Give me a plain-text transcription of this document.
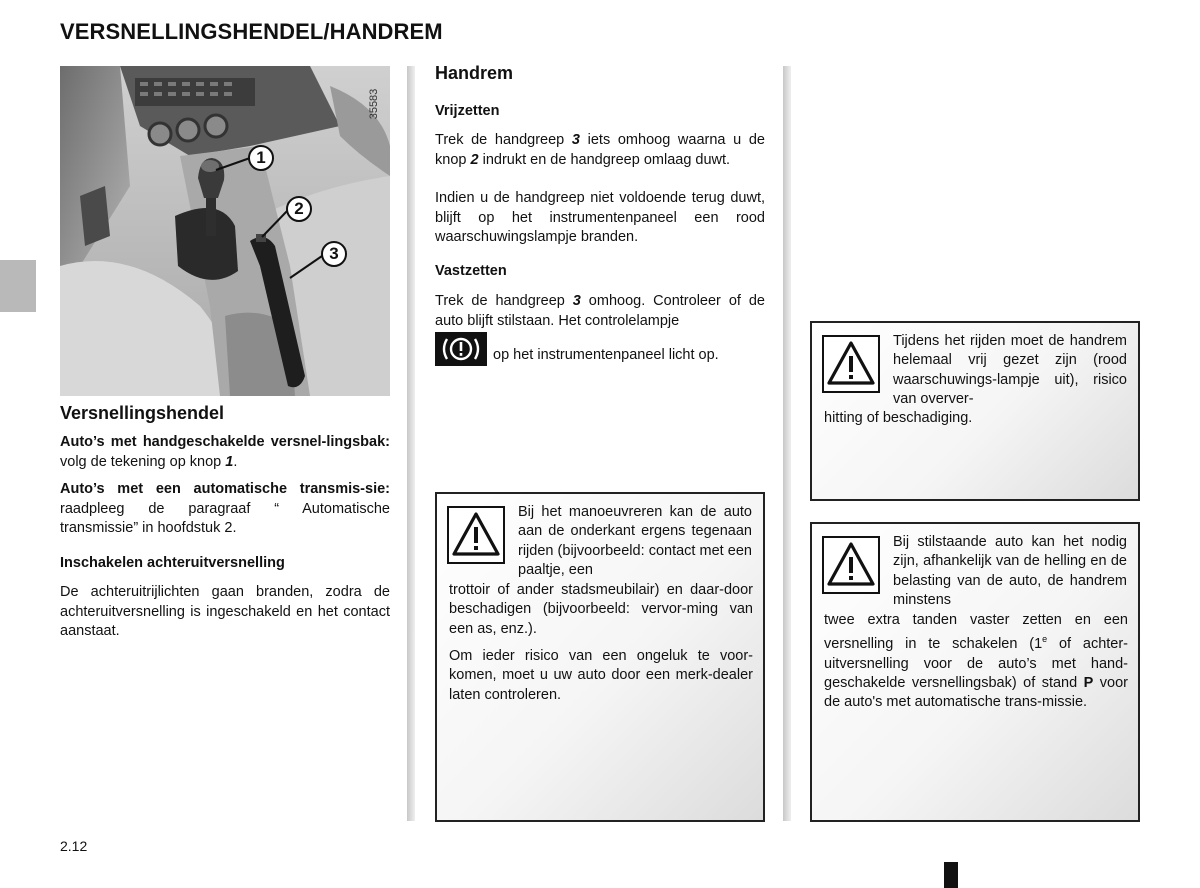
VERSNELLINGSHENDEL/HANDREM
35583
1
2
3
Versnellingshendel
Auto’s met handgeschakelde versnel-lingsbak: volg de tekening op knop 1.
Auto’s met een automatische transmis-sie: raadpleeg de paragraaf “ Automatische transmissie” in hoofdstuk 2.
Inschakelen achteruitversnelling
De achteruitrijlichten gaan branden, zodra de achteruitversnelling is ingeschakeld en het contact aanstaat.
Handrem
Vrijzetten
Trek de handgreep 3 iets omhoog waarna u de knop 2 indrukt en de handgreep omlaag duwt.
Indien u de handgreep niet voldoende terug duwt, blijft op het instrumentenpaneel een rood waarschuwingslampje branden.
Vastzetten
Trek de handgreep 3 omhoog. Controleer of de auto blijft stilstaan. Het controlelampje
op het instrumentenpaneel licht op.
Bij het manoeuvreren kan de auto aan de onderkant ergens tegenaan rijden (bijvoorbeeld: contact met een paaltje, een
trottoir of ander stadsmeubilair) en daar-door beschadigen (bijvoorbeeld: vervor-ming van een as, enz.).
Om ieder risico van een ongeluk te voor-komen, moet u uw auto door een merk-dealer laten controleren.
Tijdens het rijden moet de handrem helemaal vrij gezet zijn (rood waarschuwings-lampje uit), risico van overver-
hitting of beschadiging.
Bij stilstaande auto kan het nodig zijn, afhankelijk van de helling en de belasting van de auto, de handrem minstens
twee extra tanden vaster zetten en een versnelling in te schakelen (1e of achter-uitversnelling voor de auto’s met hand-geschakelde versnellingsbak) of stand P voor de auto's met automatische trans-missie.
2.12
